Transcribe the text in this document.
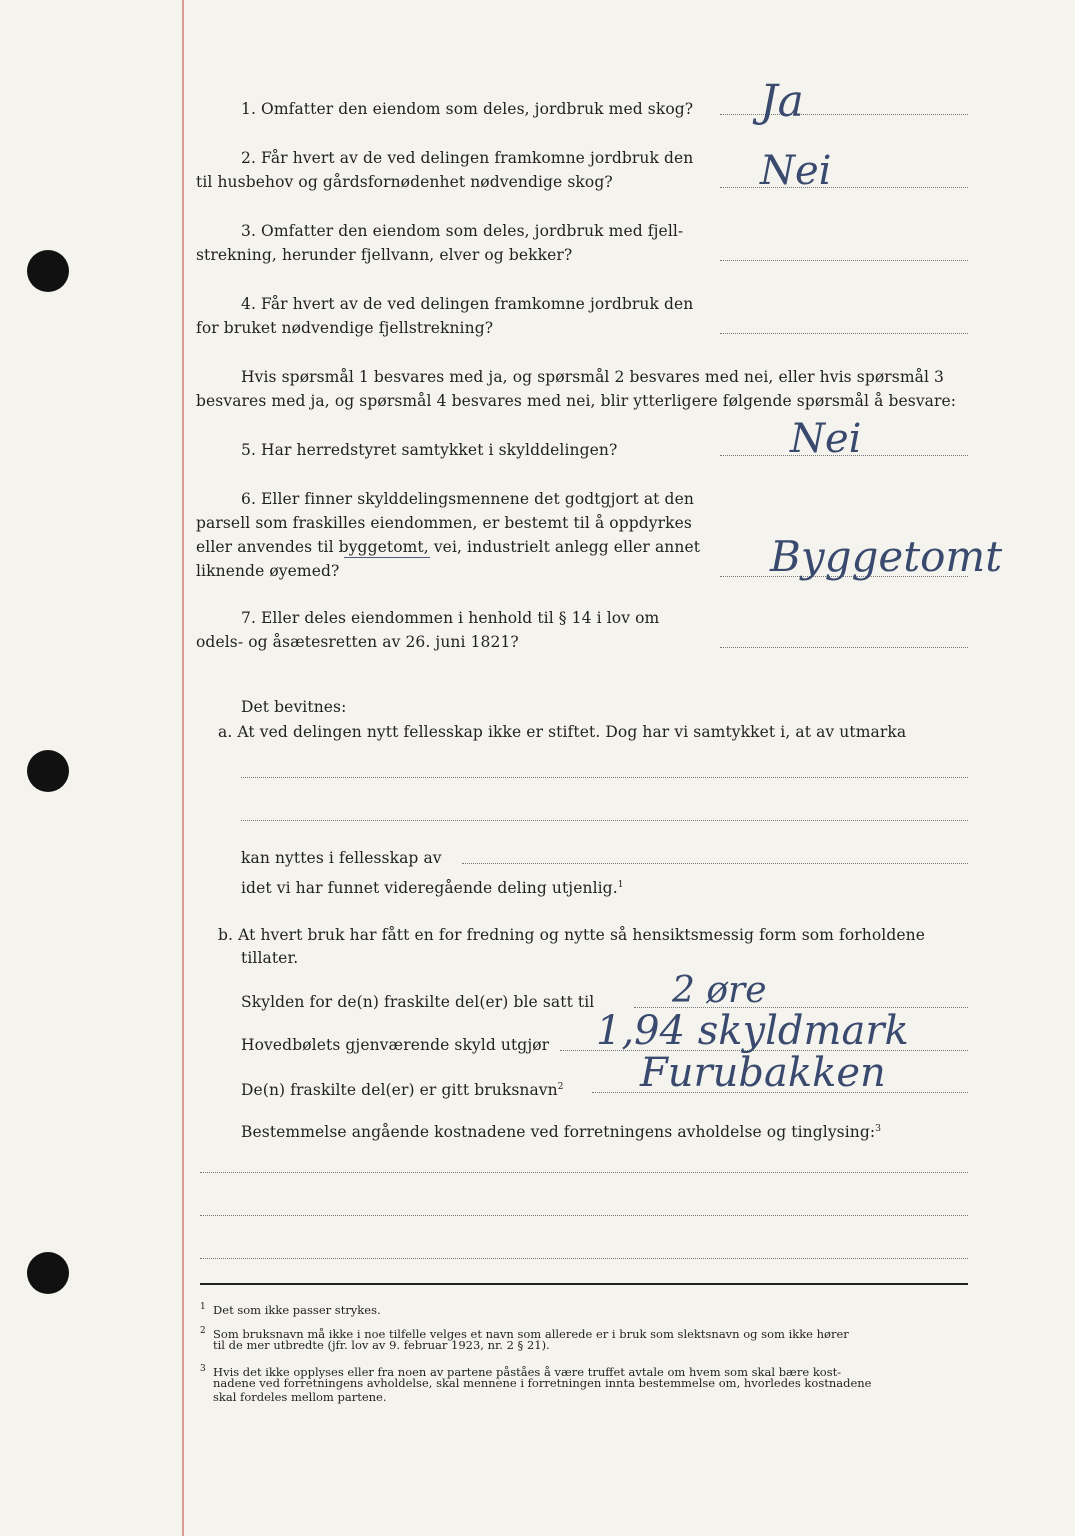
1. Omfatter den eiendom som deles, jordbruk med skog? Ja
2. Får hvert av de ved delingen framkomne jordbruk den
til husbehov og gårdsfornødenhet nødvendige skog?	Nei
3. Omfatter den eiendom som deles, jordbruk med fjell-
strekning, herunder fjellvann, elver og bekker?
4. Får hvert av de ved delingen framkomne jordbruk den
for bruket nødvendige fjellstrekning?
Hvis spørsmål 1 besvares med ja, og spørsmål 2 besvares med nei, eller hvis spørsmål 3
besvares med ja, og spørsmål 4 besvares med nei, blir ytterligere følgende spørsmål å besvare:
5. Har herredstyret samtykket i skylddelingen?	Nei
6. Eller finner skylddelingsmennene det godtgjort at den
parsell som fraskilles eiendommen, er bestemt til å oppdyrkes
eller anvendes til byggetomt, vei, industrielt anlegg eller annet
liknende øyemed?	Byggetomt
7. Eller deles eiendommen i henhold til § 14 i lov om
odels- og åsætesretten av 26. juni 1821?
Det bevitnes:
a. At ved delingen nytt fellesskap ikke er stiftet. Dog har vi samtykket i, at av utmarka
kan nyttes i fellesskap av
idet vi har funnet videregående deling utjenlig.$^1$
b. At hvert bruk har fått en for fredning og nytte så hensiktsmessig form som forholdene
tillater.
Skylden for de(n) fraskilte del(er) ble satt til 2 øre
Hovedbølets gjenværende skyld utgjør 1,94 skyldmark
De(n) fraskilte del(er) er gitt bruksnavn$^2$ Furubakken
Bestemmelse angående kostnadene ved forretningens avholdelse og tinglysing:$^3$
$^1$ Det som ikke passer strykes.
$^2$ Som bruksnavn må ikke i noe tilfelle velges et navn som allerede er i bruk som slektsnavn og som ikke hører
til de mer utbredte (jfr. lov av 9. februar 1923, nr. 2 § 21).
$^3$ Hvis det ikke opplyses eller fra noen av partene påståes å være truffet avtale om hvem som skal bære kost-
nadene ved forretningens avholdelse, skal mennene i forretningen innta bestemmelse om, hvorledes kostnadene
skal fordeles mellom partene.
